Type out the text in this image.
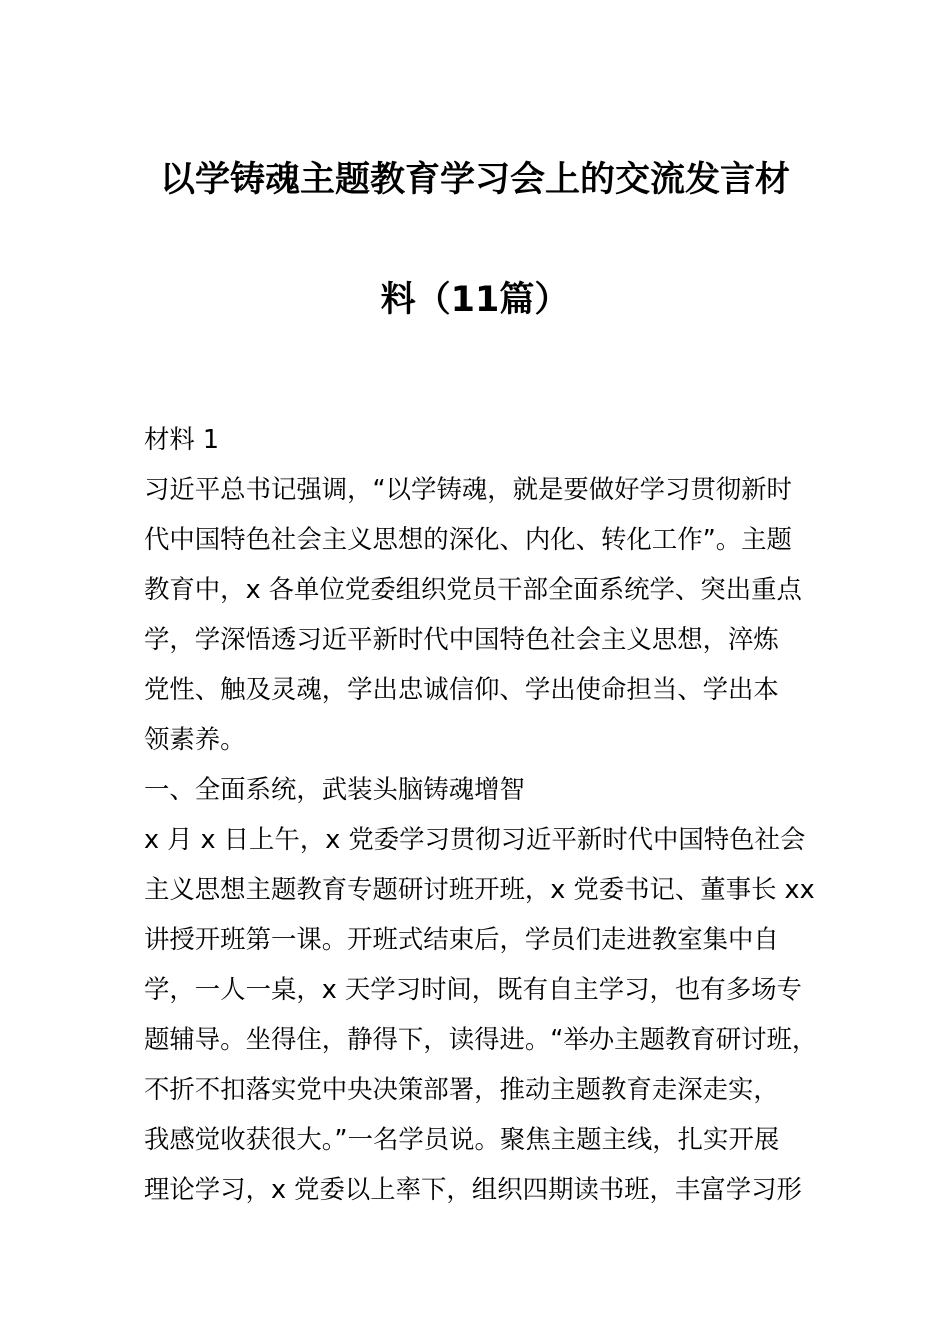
以学铸魂主题教育学习会上的交流发言材
料（11篇）
材料 1
习近平总书记强调，“以学铸魂，就是要做好学习贯彻新时
代中国特色社会主义思想的深化、内化、转化工作”。主题
教育中，x 各单位党委组织党员干部全面系统学、突出重点
学，学深悟透习近平新时代中国特色社会主义思想，淬炼
党性、触及灵魂，学出忠诚信仰、学出使命担当、学出本
领素养。
一、全面系统，武装头脑铸魂增智
x 月 x 日上午，x 党委学习贯彻习近平新时代中国特色社会
主义思想主题教育专题研讨班开班，x 党委书记、董事长 xx
讲授开班第一课。开班式结束后，学员们走进教室集中自
学，一人一桌，x 天学习时间，既有自主学习，也有多场专
题辅导。坐得住，静得下，读得进。“举办主题教育研讨班，
不折不扣落实党中央决策部署，推动主题教育走深走实，
我感觉收获很大。”一名学员说。聚焦主题主线，扎实开展
理论学习，x 党委以上率下，组织四期读书班，丰富学习形
